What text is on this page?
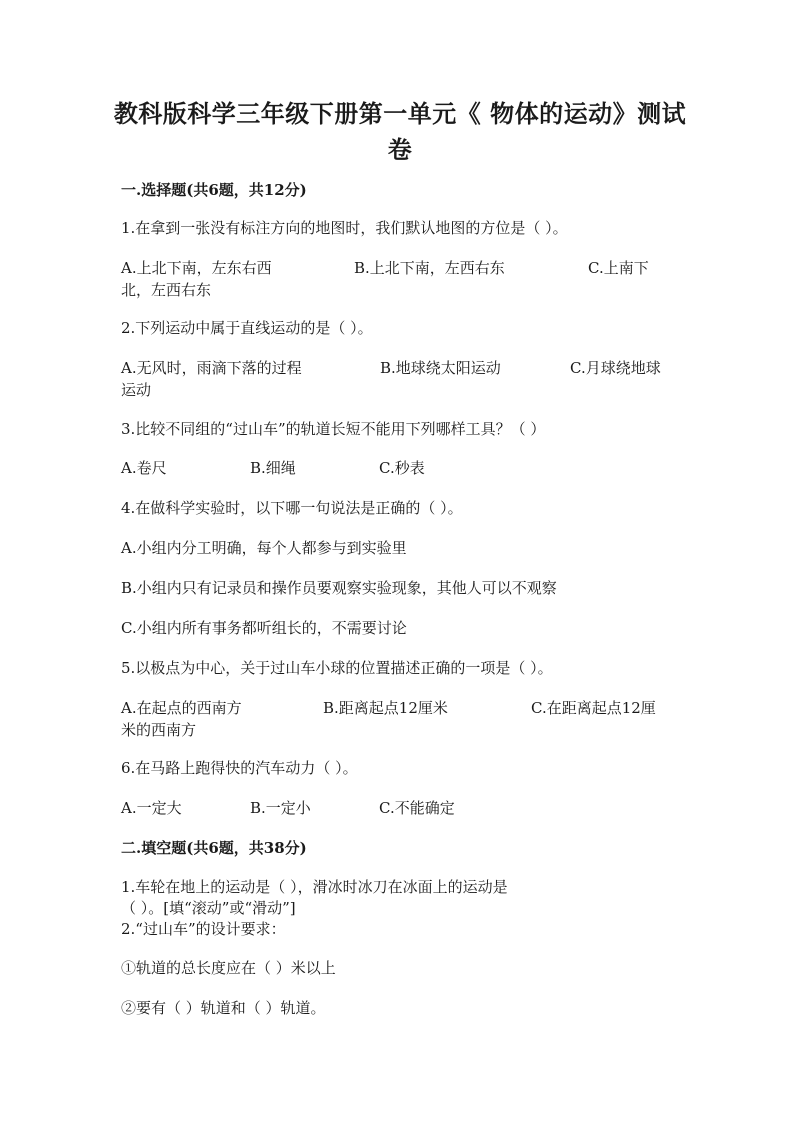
教科版科学三年级下册第一单元《 物体的运动》测试卷
一.选择题(共6题，共12分)
1.在拿到一张没有标注方向的地图时，我们默认地图的方位是（ ）。
A.上北下南，左东右西	B.上北下南，左西右东	C.上南下
北，左西右东
2.下列运动中属于直线运动的是（ ）。
A.无风时，雨滴下落的过程	B.地球绕太阳运动	C.月球绕地球
运动
3.比较不同组的“过山车”的轨道长短不能用下列哪样工具？（ ）
A.卷尺	B.细绳	C.秒表
4.在做科学实验时，以下哪一句说法是正确的（ ）。
A.小组内分工明确，每个人都参与到实验里
B.小组内只有记录员和操作员要观察实验现象，其他人可以不观察
C.小组内所有事务都听组长的，不需要讨论
5.以极点为中心，关于过山车小球的位置描述正确的一项是（ ）。
A.在起点的西南方	B.距离起点12厘米	C.在距离起点12厘
米的西南方
6.在马路上跑得快的汽车动力（ ）。
A.一定大	B.一定小	C.不能确定
二.填空题(共6题，共38分)
1.车轮在地上的运动是（ ），滑冰时冰刀在冰面上的运动是
（ ）。[填“滚动”或“滑动”]
2.“过山车”的设计要求：
①轨道的总长度应在（ ）米以上
②要有（ ）轨道和（ ）轨道。
